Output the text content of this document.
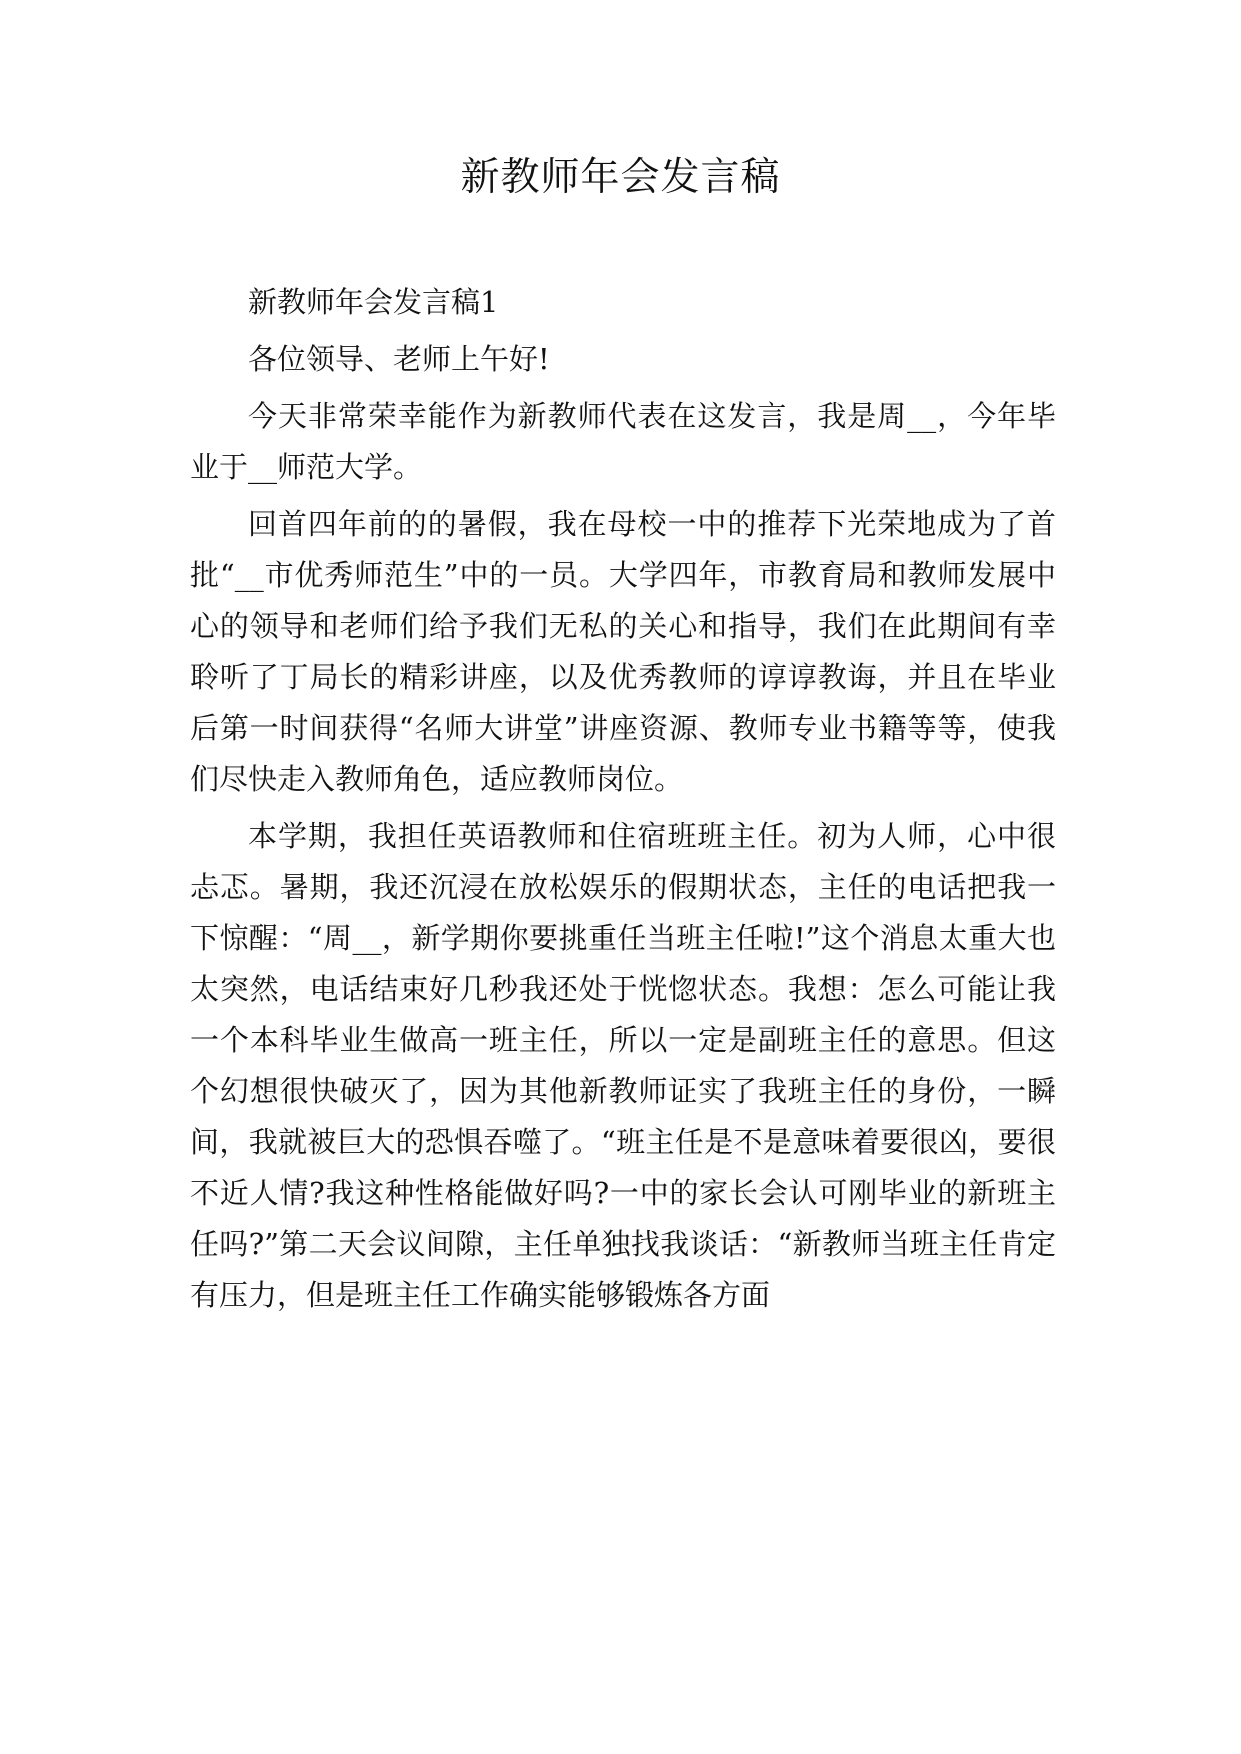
新教师年会发言稿

新教师年会发言稿1

各位领导、老师上午好!

今天非常荣幸能作为新教师代表在这发言，我是周__，今年毕业于__师范大学。

回首四年前的的暑假，我在母校一中的推荐下光荣地成为了首批“__市优秀师范生”中的一员。大学四年，市教育局和教师发展中心的领导和老师们给予我们无私的关心和指导，我们在此期间有幸聆听了丁局长的精彩讲座，以及优秀教师的谆谆教诲，并且在毕业后第一时间获得“名师大讲堂”讲座资源、教师专业书籍等等，使我们尽快走入教师角色，适应教师岗位。

本学期，我担任英语教师和住宿班班主任。初为人师，心中很忐忑。暑期，我还沉浸在放松娱乐的假期状态，主任的电话把我一下惊醒：“周__，新学期你要挑重任当班主任啦!”这个消息太重大也太突然，电话结束好几秒我还处于恍惚状态。我想：怎么可能让我一个本科毕业生做高一班主任，所以一定是副班主任的意思。但这个幻想很快破灭了，因为其他新教师证实了我班主任的身份，一瞬间，我就被巨大的恐惧吞噬了。“班主任是不是意味着要很凶，要很不近人情?我这种性格能做好吗?一中的家长会认可刚毕业的新班主任吗?”第二天会议间隙，主任单独找我谈话：“新教师当班主任肯定有压力，但是班主任工作确实能够锻炼各方面
